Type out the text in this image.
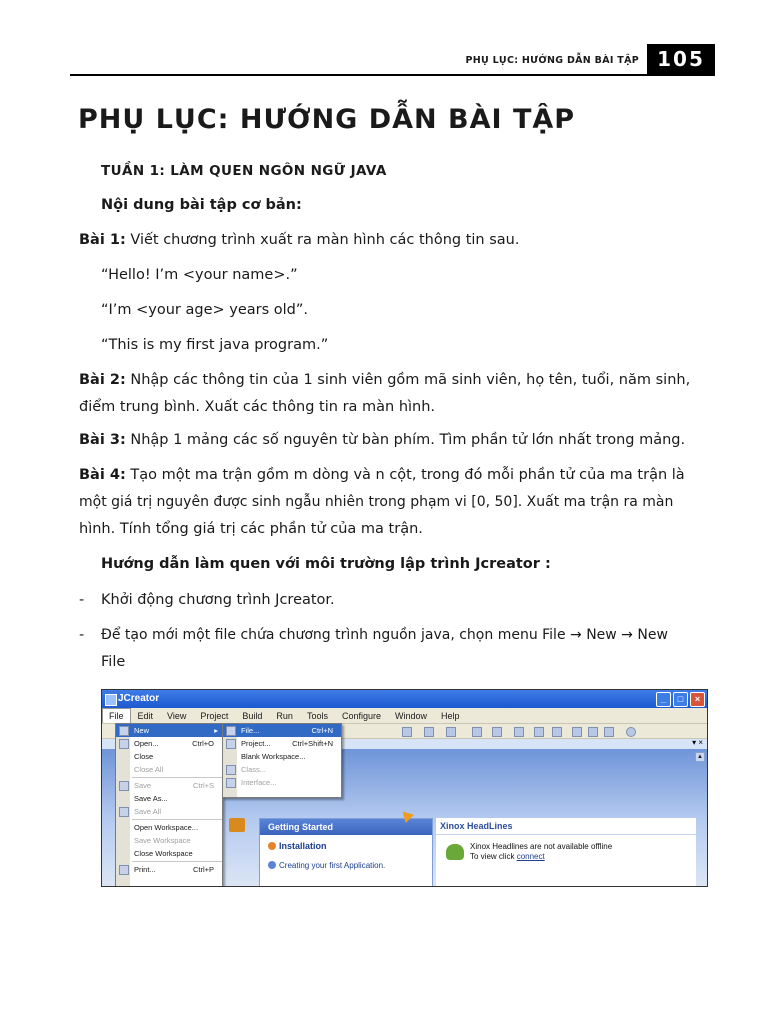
PHỤ LỤC: HƯỚNG DẪN BÀI TẬP 105
PHỤ LỤC: HƯỚNG DẪN BÀI TẬP
TUẦN 1: LÀM QUEN NGÔN NGỮ JAVA
Nội dung bài tập cơ bản:
Bài 1: Viết chương trình xuất ra màn hình các thông tin sau.
“Hello! I’m <your name>.”
“I’m <your age> years old”.
“This is my first java program.”
Bài 2: Nhập các thông tin của 1 sinh viên gồm mã sinh viên, họ tên, tuổi, năm sinh,
điểm trung bình. Xuất các thông tin ra màn hình.
Bài 3: Nhập 1 mảng các số nguyên từ bàn phím. Tìm phần tử lớn nhất trong mảng.
Bài 4: Tạo một ma trận gồm m dòng và n cột, trong đó mỗi phần tử của ma trận là
một giá trị nguyên được sinh ngẫu nhiên trong phạm vi [0, 50]. Xuất ma trận ra màn
hình. Tính tổng giá trị các phần tử của ma trận.
Hướng dẫn làm quen với môi trường lập trình Jcreator :
- Khởi động chương trình Jcreator.
- Để tạo mới một file chứa chương trình nguồn java, chọn menu File → New → New
File
JCreator	_ □ ×
File Edit View Project Build Run Tools Configure Window Help
▾ ×
▲
Getting Started
Installation
Creating your first Application.
Xinox HeadLines
Xinox Headlines are not available offline
To view click connect
New	▸
Open...	Ctrl+O
Close
Close All
Save	Ctrl+S
Save As...
Save All
Open Workspace...
Save Workspace
Close Workspace
Print...	Ctrl+P
File...	Ctrl+N
Project...	Ctrl+Shift+N
Blank Workspace...
Class...
Interface...
